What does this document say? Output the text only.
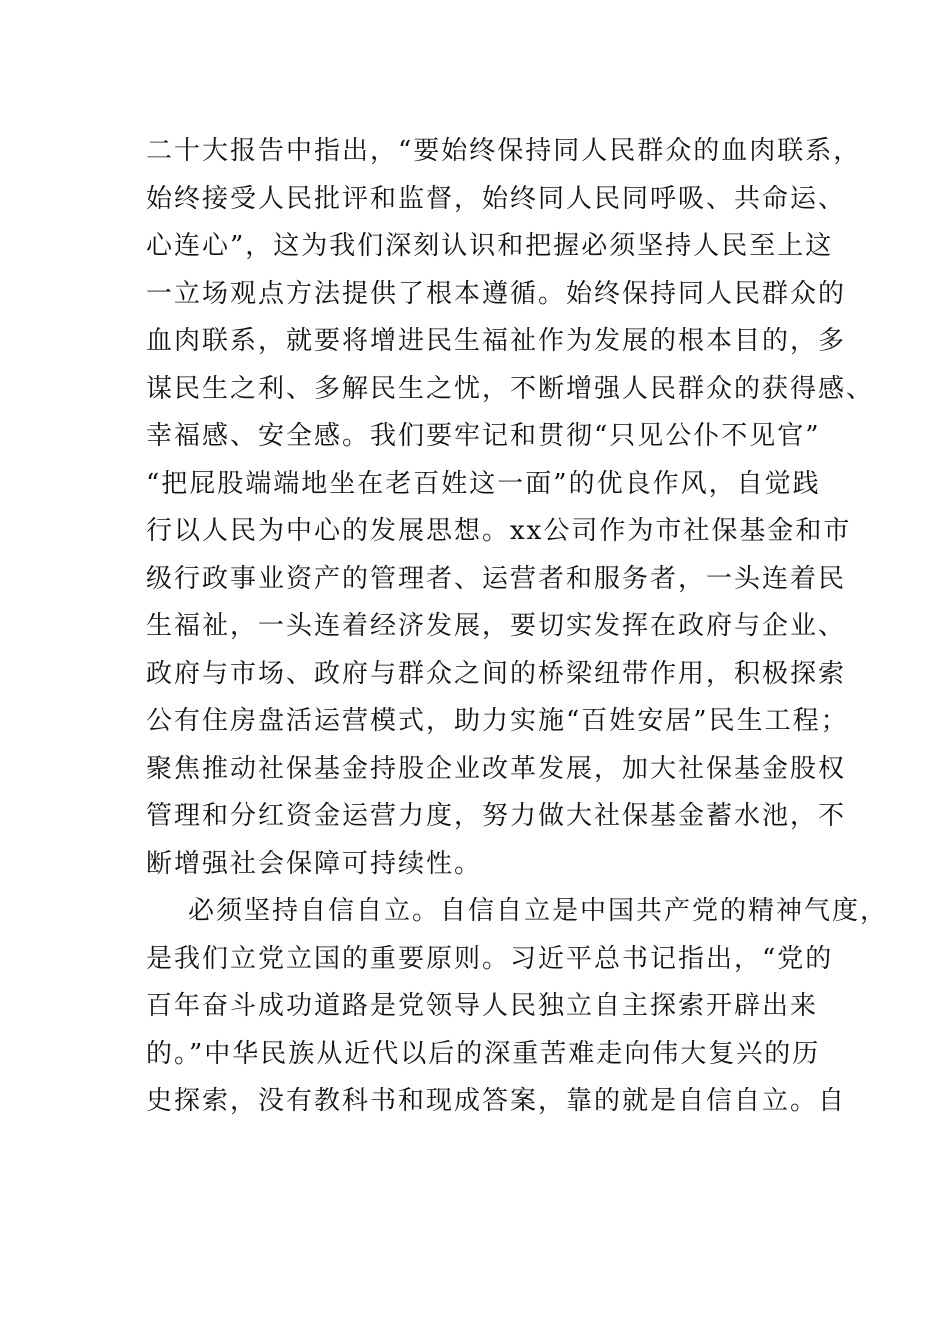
二十大报告中指出，“要始终保持同人民群众的血肉联系，
始终接受人民批评和监督，始终同人民同呼吸、共命运、
心连心”，这为我们深刻认识和把握必须坚持人民至上这
一立场观点方法提供了根本遵循。始终保持同人民群众的
血肉联系，就要将增进民生福祉作为发展的根本目的，多
谋民生之利、多解民生之忧，不断增强人民群众的获得感、
幸福感、安全感。我们要牢记和贯彻“只见公仆不见官”
“把屁股端端地坐在老百姓这一面”的优良作风，自觉践
行以人民为中心的发展思想。xx公司作为市社保基金和市
级行政事业资产的管理者、运营者和服务者，一头连着民
生福祉，一头连着经济发展，要切实发挥在政府与企业、
政府与市场、政府与群众之间的桥梁纽带作用，积极探索
公有住房盘活运营模式，助力实施“百姓安居”民生工程；
聚焦推动社保基金持股企业改革发展，加大社保基金股权
管理和分红资金运营力度，努力做大社保基金蓄水池，不
断增强社会保障可持续性。
必须坚持自信自立。自信自立是中国共产党的精神气度，
是我们立党立国的重要原则。习近平总书记指出，“党的
百年奋斗成功道路是党领导人民独立自主探索开辟出来
的。”中华民族从近代以后的深重苦难走向伟大复兴的历
史探索，没有教科书和现成答案，靠的就是自信自立。自
